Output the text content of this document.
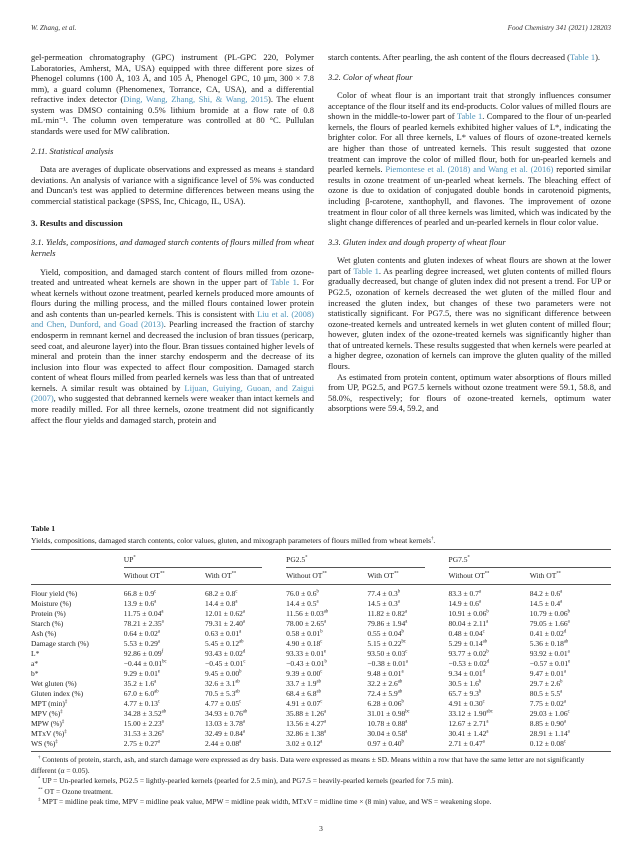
W. Zhang, et al.	Food Chemistry 341 (2021) 128203

gel-permeation chromatography (GPC) instrument (PL-GPC 220, Polymer Laboratories, Amherst, MA, USA) equipped with three different pore sizes of Phenogel columns (100 Å, 103 Å, and 105 Å, Phenogel GPC, 10 μm, 300 × 7.8 mm), a guard column (Phenomenex, Torrance, CA, USA), and a differential refractive index detector (Ding, Wang, Zhang, Shi, & Wang, 2015). The eluent system was DMSO containing 0.5% lithium bromide at a flow rate of 0.8 mL·min⁻¹. The column oven temperature was controlled at 80 °C. Pullulan standards were used for MW calibration.

2.11. Statistical analysis

Data are averages of duplicate observations and expressed as means ± standard deviations. An analysis of variance with a significance level of 5% was conducted and Duncan's test was applied to determine differences between means using the commercial statistical package (SPSS, Inc, Chicago, IL, USA).

3. Results and discussion
3.1. Yields, compositions, and damaged starch contents of flours milled from wheat kernels

Yield, composition, and damaged starch content of flours milled from ozone-treated and untreated wheat kernels are shown in the upper part of Table 1. For wheat kernels without ozone treatment, pearled kernels produced more amounts of flours during the milling process, and the milled flours contained lower protein and ash contents than un-pearled kernels. This is consistent with Liu et al. (2008) and Chen, Dunford, and Goad (2013). Pearling increased the fraction of starchy endosperm in remnant kernel and decreased the inclusion of bran tissues (pericarp, seed coat, and aleurone layer) into the flour. Bran tissues contained higher levels of mineral and protein than the inner starchy endosperm and the decrease of its inclusion into flour was expected to affect flour composition. Damaged starch content of wheat flours milled from pearled kernels was less than that of untreated kernels. A similar result was obtained by Lijuan, Guiying, Guoan, and Zaigui (2007), who suggested that debranned kernels were weaker than intact kernels and more readily milled. For all three kernels, ozone treatment did not significantly affect the flour yields and damaged starch, protein and

starch contents. After pearling, the ash content of the flours decreased (Table 1).

3.2. Color of wheat flour

Color of wheat flour is an important trait that strongly influences consumer acceptance of the flour itself and its end-products. Color values of milled flours are shown in the middle-to-lower part of Table 1. Compared to the flour of un-pearled kernels, the flours of pearled kernels exhibited higher values of L*, indicating the brighter color. For all three kernels, L* values of flours of ozone-treated kernels are higher than those of untreated kernels. This result suggested that ozone treatment can improve the color of milled flour, both for un-pearled kernels and pearled kernels. Piemontese et al. (2018) and Wang et al. (2016) reported similar results in ozone treatment of un-pearled wheat kernels. The bleaching effect of ozone is due to oxidation of conjugated double bonds in carotenoid pigments, including β-carotene, xanthophyll, and flavones. The improvement of ozone treatment in flour color of all three kernels was limited, which was indicated by the slight change differences of pearled and un-pearled kernels in flour color value.

3.3. Gluten index and dough property of wheat flour

Wet gluten contents and gluten indexes of wheat flours are shown at the lower part of Table 1. As pearling degree increased, wet gluten contents of milled flours gradually decreased, but change of gluten index did not present a trend. For UP or PG2.5, ozonation of kernels decreased the wet gluten of the milled flour and increased the gluten index, but changes of these two parameters were not statistically significant. For PG7.5, there was no significant difference between ozone-treated kernels and untreated kernels in wet gluten content of milled flour; however, gluten index of the ozone-treated kernels was significantly higher than that of untreated kernels. These results suggested that when kernels were pearled at a higher degree, ozonation of kernels can improve the gluten quality of the milled flours.

As estimated from protein content, optimum water absorptions of flours milled from UP, PG2.5, and PG7.5 kernels without ozone treatment were 59.1, 58.8, and 58.0%, respectively; for flours of ozone-treated kernels, optimum water absorptions were 59.4, 59.2, and

Table 1
Yields, compositions, damaged starch contents, color values, gluten, and mixograph parameters of flours milled from wheat kernels†.

	UP*		PG2.5*		PG7.5*

	Without OT**	With OT**	Without OT**	With OT**	Without OT**	With OT**
Flour yield (%)	66.8 ± 0.9$^c$	68.2 ± 0.8$^c$	76.0 ± 0.6$^b$	77.4 ± 0.3$^b$	83.3 ± 0.7$^a$	84.2 ± 0.6$^a$
Moisture (%)	13.9 ± 0.6$^a$	14.4 ± 0.8$^a$	14.4 ± 0.5$^a$	14.5 ± 0.3$^a$	14.9 ± 0.6$^a$	14.5 ± 0.4$^a$
Protein (%)	11.75 ± 0.04$^a$	12.01 ± 0.62$^a$	11.56 ± 0.03$^{ab}$	11.82 ± 0.82$^a$	10.91 ± 0.06$^b$	10.79 ± 0.06$^b$
Starch (%)	78.21 ± 2.35$^a$	79.31 ± 2.40$^a$	78.00 ± 2.65$^a$	79.86 ± 1.94$^a$	80.04 ± 2.11$^a$	79.05 ± 1.66$^a$
Ash (%)	0.64 ± 0.02$^a$	0.63 ± 0.01$^a$	0.58 ± 0.01$^b$	0.55 ± 0.04$^b$	0.48 ± 0.04$^c$	0.41 ± 0.02$^d$
Damage starch (%)	5.53 ± 0.29$^a$	5.45 ± 0.12$^{ab}$	4.90 ± 0.18$^c$	5.15 ± 0.22$^{bc}$	5.29 ± 0.14$^{ab}$	5.36 ± 0.18$^{ab}$
L*	92.86 ± 0.09$^f$	93.43 ± 0.02$^d$	93.33 ± 0.01$^e$	93.50 ± 0.03$^c$	93.77 ± 0.02$^b$	93.92 ± 0.01$^a$
a*	−0.44 ± 0.01$^{bc}$	−0.45 ± 0.01$^c$	−0.43 ± 0.01$^b$	−0.38 ± 0.01$^a$	−0.53 ± 0.02$^d$	−0.57 ± 0.01$^e$
b*	9.29 ± 0.01$^e$	9.45 ± 0.00$^b$	9.39 ± 0.00$^c$	9.48 ± 0.01$^a$	9.34 ± 0.01$^d$	9.47 ± 0.01$^a$
Wet gluten (%)	35.2 ± 1.6$^a$	32.6 ± 3.1$^{ab}$	33.7 ± 1.9$^{ab}$	32.2 ± 2.6$^{ab}$	30.5 ± 1.6$^b$	29.7 ± 2.6$^b$
Gluten index (%)	67.0 ± 6.0$^{ab}$	70.5 ± 5.3$^{ab}$	68.4 ± 6.8$^{ab}$	72.4 ± 5.9$^{ab}$	65.7 ± 9.3$^b$	80.5 ± 5.5$^a$
MPT (min)‡	4.77 ± 0.13$^c$	4.77 ± 0.05$^c$	4.91 ± 0.07$^c$	6.28 ± 0.06$^b$	4.91 ± 0.30$^c$	7.75 ± 0.02$^a$
MPV (%)‡	34.28 ± 3.52$^{ab}$	34.93 ± 0.76$^{ab}$	35.88 ± 1.26$^a$	31.01 ± 0.98$^{bc}$	33.12 ± 1.90$^{abc}$	29.03 ± 1.06$^c$
MPW (%)‡	15.00 ± 2.23$^a$	13.03 ± 3.78$^a$	13.56 ± 4.27$^a$	10.78 ± 0.88$^a$	12.67 ± 2.71$^a$	8.85 ± 0.90$^a$
MTxV (%)‡	31.53 ± 3.26$^a$	32.49 ± 0.84$^a$	32.86 ± 1.38$^a$	30.04 ± 0.58$^a$	30.41 ± 1.42$^a$	28.91 ± 1.14$^a$
WS (%)‡	2.75 ± 0.27$^a$	2.44 ± 0.08$^a$	3.02 ± 0.12$^a$	0.97 ± 0.40$^b$	2.71 ± 0.47$^a$	0.12 ± 0.08$^c$

† Contents of protein, starch, ash, and starch damage were expressed as dry basis. Data were expressed as means ± SD. Means within a row that have the same letter are not significantly different (α = 0.05).

* UP = Un-pearled kernels, PG2.5 = lightly-pearled kernels (pearled for 2.5 min), and PG7.5 = heavily-pearled kernels (pearled for 7.5 min).

** OT = Ozone treatment.

‡ MPT = midline peak time, MPV = midline peak value, MPW = midline peak width, MTxV = midline time × (8 min) value, and WS = weakening slope.

3
